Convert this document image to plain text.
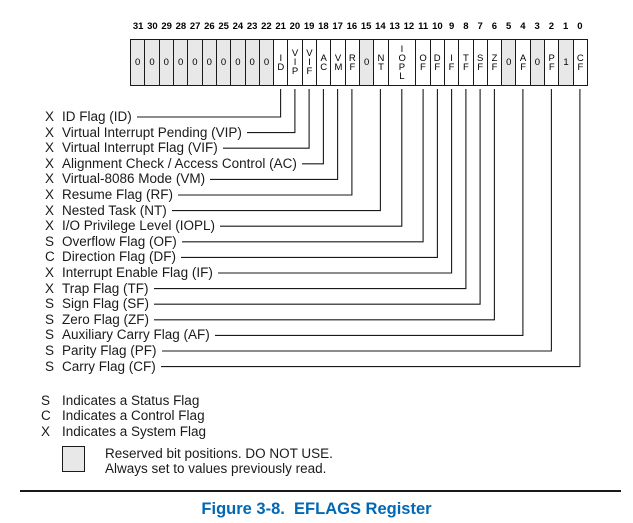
31 30 29 28 27 26 25 24 23 22 21 20 19 18 17 16 15 14 13 12 11 10 9 8 7 6 5 4 3 2 1 0
0 0 0 0 0 0 0 0 0 0 ID
VIP
VIF
AC
VM
RF 0 NT
IOPL
OF
DF
IF
TF
SF
ZF 0 AF 0 PF 1 CF
X ID Flag (ID)
X Virtual Interrupt Pending (VIP)
X Virtual Interrupt Flag (VIF)
X Alignment Check / Access Control (AC)
X Virtual-8086 Mode (VM)
X Resume Flag (RF)
X Nested Task (NT)
X I/O Privilege Level (IOPL)
S Overflow Flag (OF)
C Direction Flag (DF)
X Interrupt Enable Flag (IF)
X Trap Flag (TF)
S Sign Flag (SF)
S Zero Flag (ZF)
S Auxiliary Carry Flag (AF)
S Parity Flag (PF)
S Carry Flag (CF)
S Indicates a Status Flag
C Indicates a Control Flag
X Indicates a System Flag
Reserved bit positions. DO NOT USE.
Always set to values previously read.
Figure 3-8.  EFLAGS Register
